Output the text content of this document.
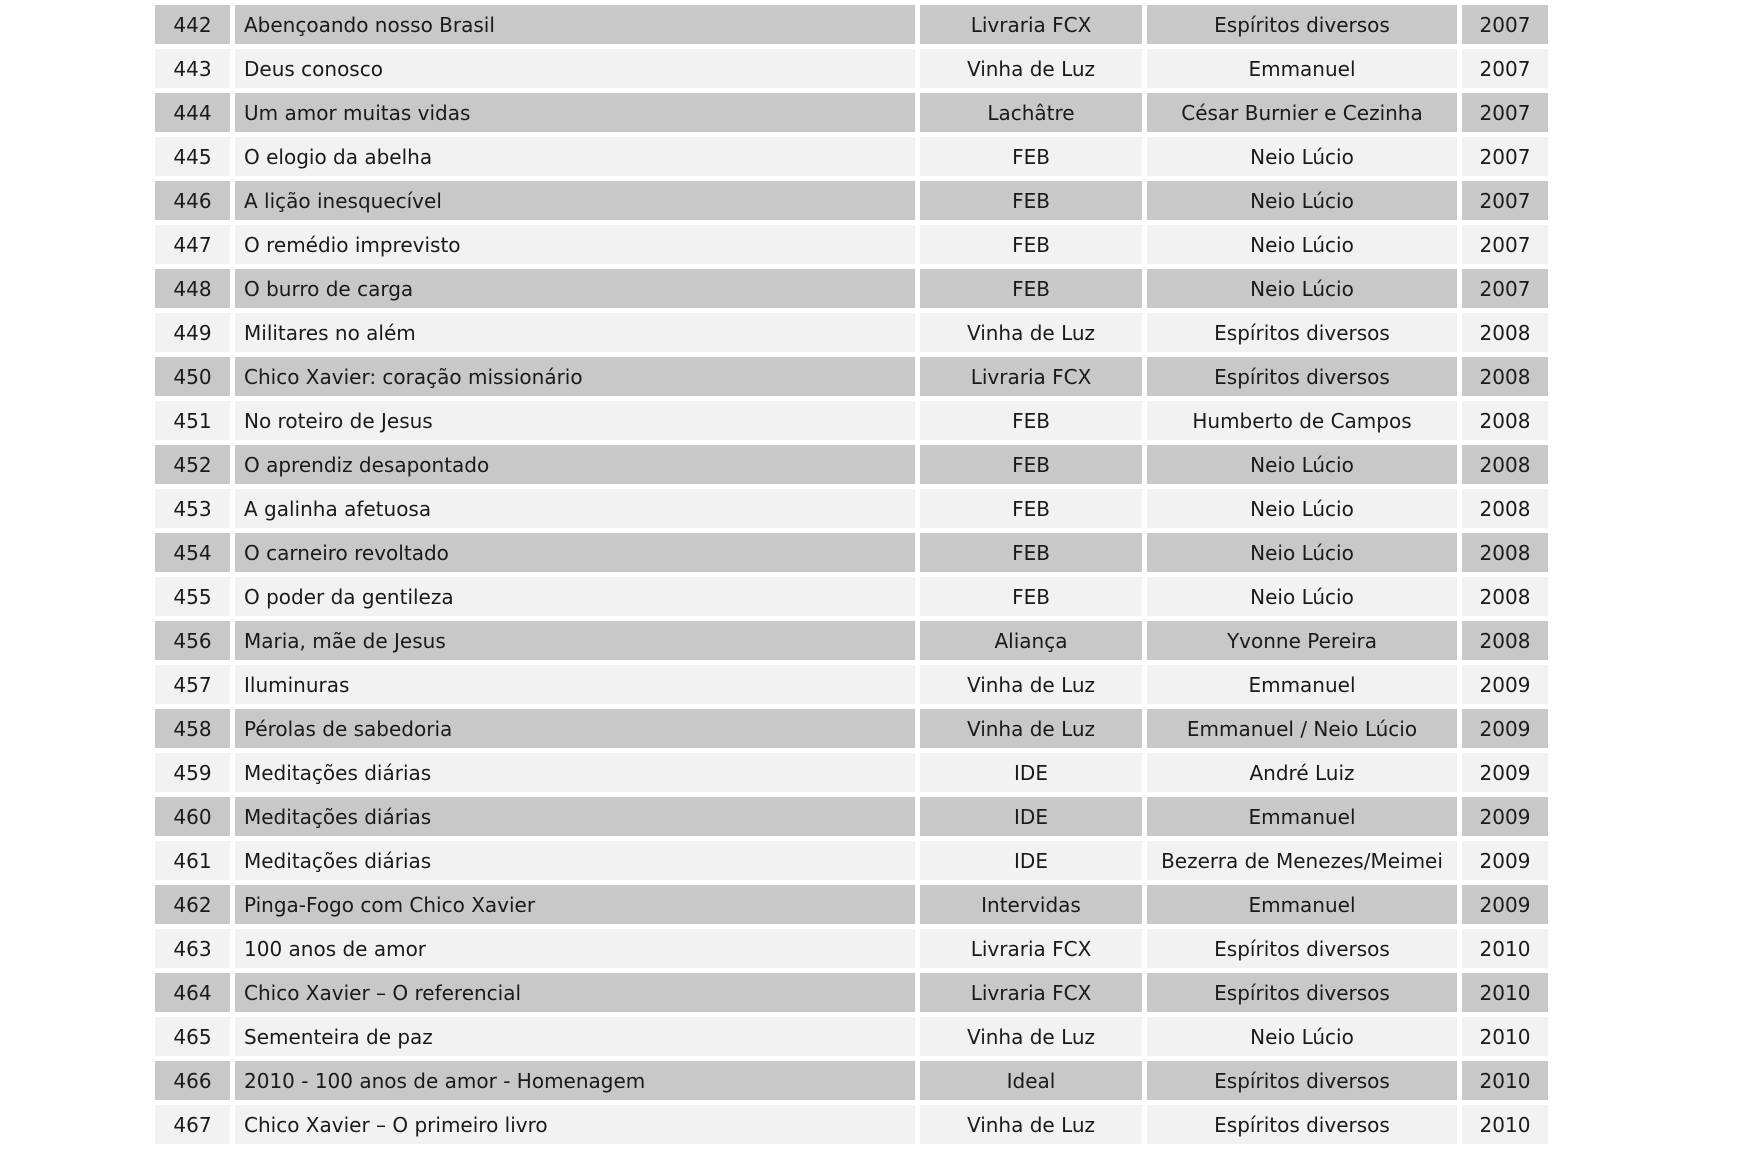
442	Abençoando nosso Brasil	Livraria FCX	Espíritos diversos	2007
443	Deus conosco	Vinha de Luz	Emmanuel	2007
444	Um amor muitas vidas	Lachâtre	César Burnier e Cezinha	2007
445	O elogio da abelha	FEB	Neio Lúcio	2007
446	A lição inesquecível	FEB	Neio Lúcio	2007
447	O remédio imprevisto	FEB	Neio Lúcio	2007
448	O burro de carga	FEB	Neio Lúcio	2007
449	Militares no além	Vinha de Luz	Espíritos diversos	2008
450	Chico Xavier: coração missionário	Livraria FCX	Espíritos diversos	2008
451	No roteiro de Jesus	FEB	Humberto de Campos	2008
452	O aprendiz desapontado	FEB	Neio Lúcio	2008
453	A galinha afetuosa	FEB	Neio Lúcio	2008
454	O carneiro revoltado	FEB	Neio Lúcio	2008
455	O poder da gentileza	FEB	Neio Lúcio	2008
456	Maria, mãe de Jesus	Aliança	Yvonne Pereira	2008
457	Iluminuras	Vinha de Luz	Emmanuel	2009
458	Pérolas de sabedoria	Vinha de Luz	Emmanuel / Neio Lúcio	2009
459	Meditações diárias	IDE	André Luiz	2009
460	Meditações diárias	IDE	Emmanuel	2009
461	Meditações diárias	IDE	Bezerra de Menezes/Meimei	2009
462	Pinga-Fogo com Chico Xavier	Intervidas	Emmanuel	2009
463	100 anos de amor	Livraria FCX	Espíritos diversos	2010
464	Chico Xavier – O referencial	Livraria FCX	Espíritos diversos	2010
465	Sementeira de paz	Vinha de Luz	Neio Lúcio	2010
466	2010 - 100 anos de amor - Homenagem	Ideal	Espíritos diversos	2010
467	Chico Xavier – O primeiro livro	Vinha de Luz	Espíritos diversos	2010
